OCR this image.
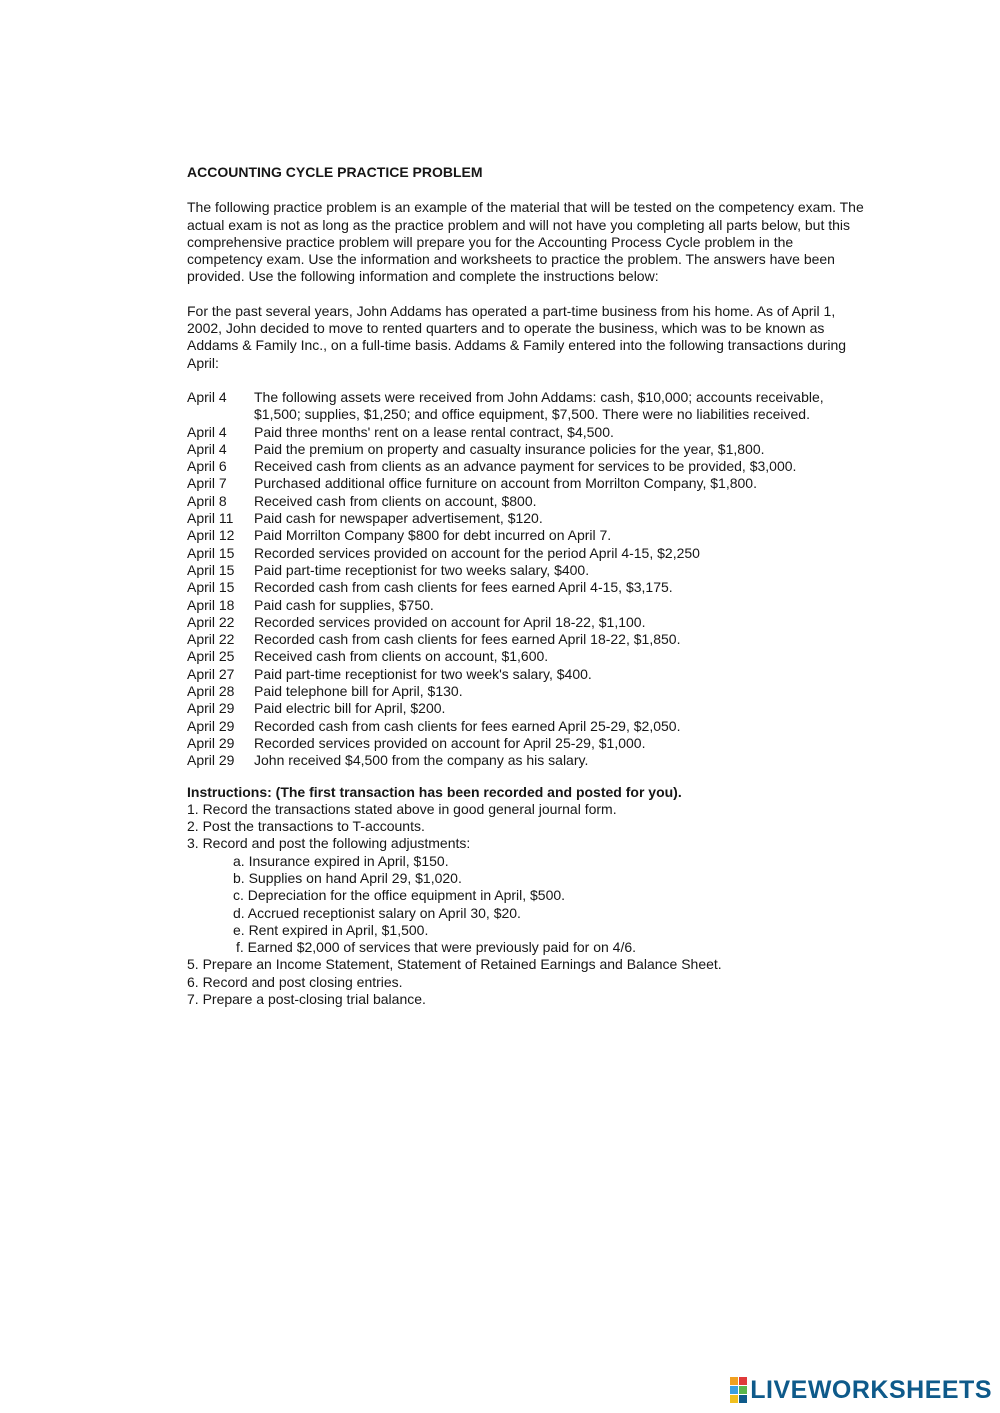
ACCOUNTING CYCLE PRACTICE PROBLEM
The following practice problem is an example of the material that will be tested on the competency exam. The actual exam is not as long as the practice problem and will not have you completing all parts below, but this comprehensive practice problem will prepare you for the Accounting Process Cycle problem in the competency exam. Use the information and worksheets to practice the problem. The answers have been provided. Use the following information and complete the instructions below:
For the past several years, John Addams has operated a part-time business from his home. As of April 1, 2002, John decided to move to rented quarters and to operate the business, which was to be known as Addams & Family Inc., on a full-time basis. Addams & Family entered into the following transactions during April:
April 4	The following assets were received from John Addams: cash, $10,000; accounts receivable, $1,500; supplies, $1,250; and office equipment, $7,500. There were no liabilities received.
April 4	Paid three months' rent on a lease rental contract, $4,500.
April 4	Paid the premium on property and casualty insurance policies for the year, $1,800.
April 6	Received cash from clients as an advance payment for services to be provided, $3,000.
April 7	Purchased additional office furniture on account from Morrilton Company, $1,800.
April 8	Received cash from clients on account, $800.
April 11	Paid cash for newspaper advertisement, $120.
April 12	Paid Morrilton Company $800 for debt incurred on April 7.
April 15	Recorded services provided on account for the period April 4-15, $2,250
April 15	Paid part-time receptionist for two weeks salary, $400.
April 15	Recorded cash from cash clients for fees earned April 4-15, $3,175.
April 18	Paid cash for supplies, $750.
April 22	Recorded services provided on account for April 18-22, $1,100.
April 22	Recorded cash from cash clients for fees earned April 18-22, $1,850.
April 25	Received cash from clients on account, $1,600.
April 27	Paid part-time receptionist for two week's salary, $400.
April 28	Paid telephone bill for April, $130.
April 29	Paid electric bill for April, $200.
April 29	Recorded cash from cash clients for fees earned April 25-29, $2,050.
April 29	Recorded services provided on account for April 25-29, $1,000.
April 29	John received $4,500 from the company as his salary.
Instructions: (The first transaction has been recorded and posted for you).
1. Record the transactions stated above in good general journal form.
2. Post the transactions to T-accounts.
3. Record and post the following adjustments:
a. Insurance expired in April, $150.
b. Supplies on hand April 29, $1,020.
c. Depreciation for the office equipment in April, $500.
d. Accrued receptionist salary on April 30, $20.
e. Rent expired in April, $1,500.
f. Earned $2,000 of services that were previously paid for on 4/6.
5. Prepare an Income Statement, Statement of Retained Earnings and Balance Sheet.
6. Record and post closing entries.
7. Prepare a post-closing trial balance.
LIVEWORKSHEETS
